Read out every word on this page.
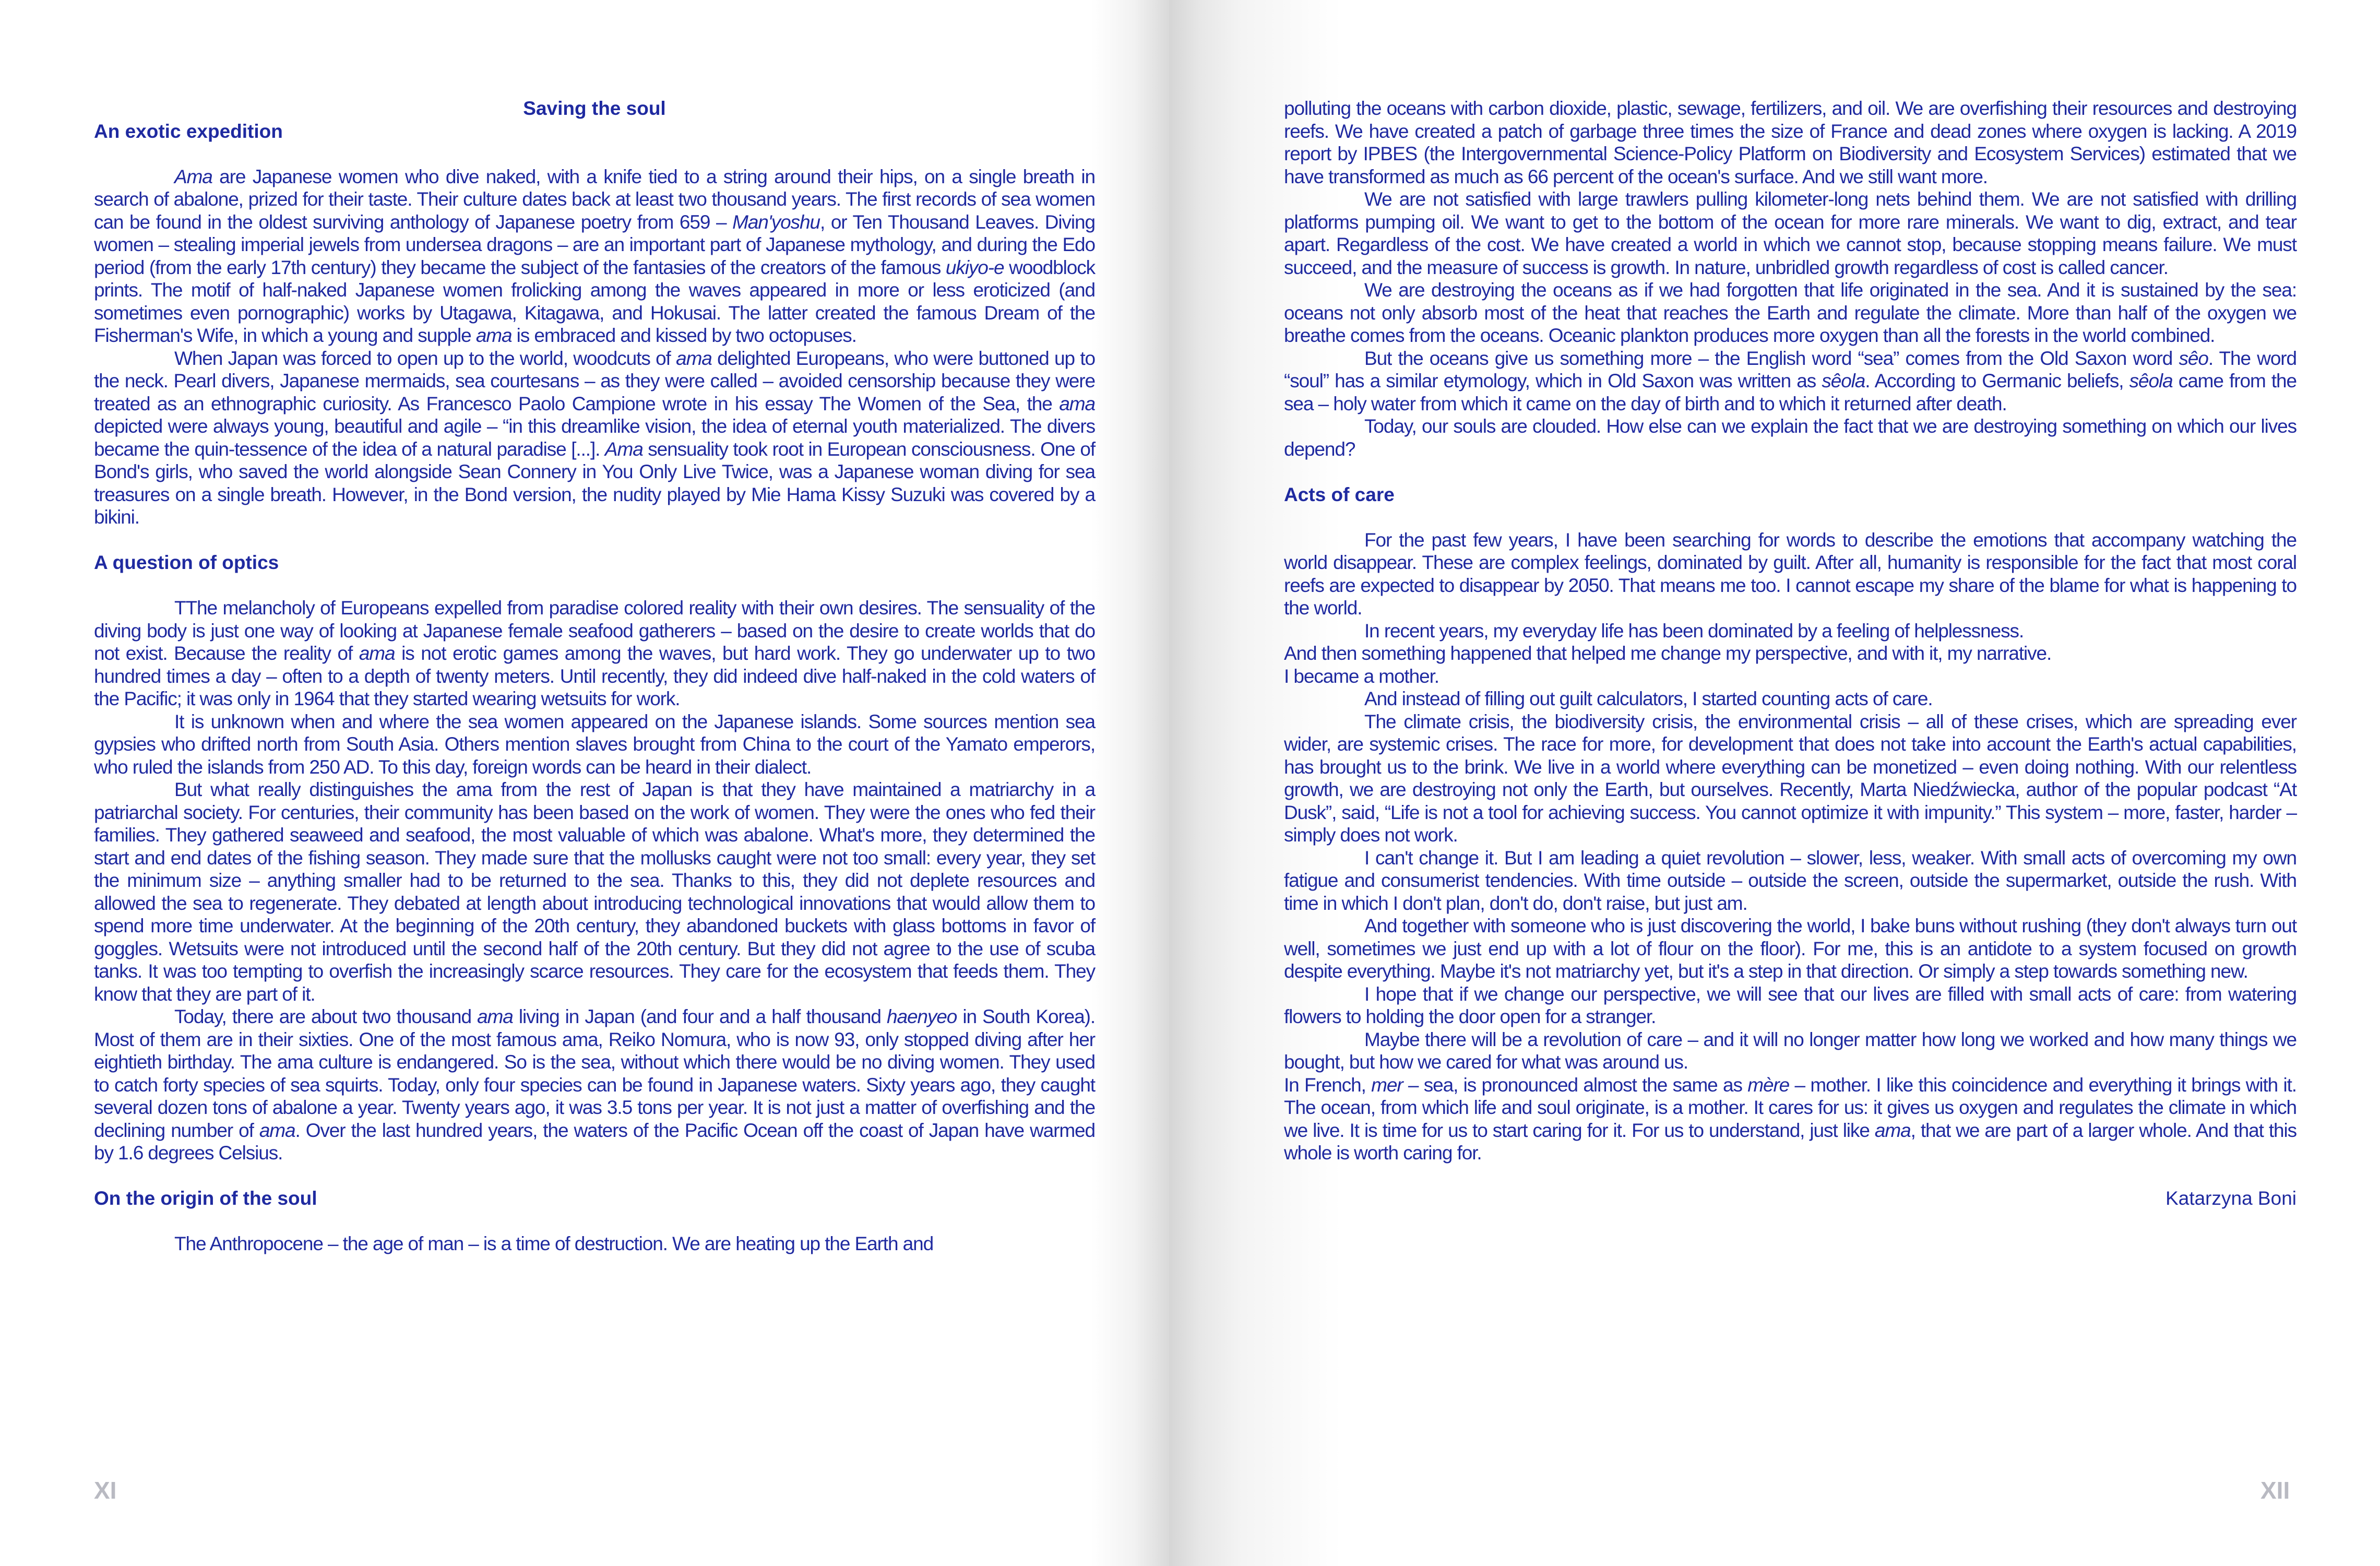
Saving the soul

An exotic expedition

Ama are Japanese women who dive naked, with a knife tied to a string around their hips, on a single breath in search of abalone, prized for their taste. Their culture dates back at least two thousand years. The first records of sea women can be found in the oldest surviving anthology of Japanese poetry from 659 – Man'yoshu, or Ten Thousand Leaves. Diving women – stealing imperial jewels from undersea dragons – are an important part of Japanese mythology, and during the Edo period (from the early 17th century) they became the subject of the fantasies of the creators of the famous ukiyo-e woodblock prints. The motif of half-naked Japanese women frolicking among the waves appeared in more or less eroticized (and sometimes even pornographic) works by Utagawa, Kitagawa, and Hokusai. The latter created the famous Dream of the Fisherman's Wife, in which a young and supple ama is embraced and kissed by two octopuses.

When Japan was forced to open up to the world, woodcuts of ama delighted Europeans, who were buttoned up to the neck. Pearl divers, Japanese mermaids, sea courtesans – as they were called – avoided censorship because they were treated as an ethnographic curiosity. As Francesco Paolo Campione wrote in his essay The Women of the Sea, the ama depicted were always young, beautiful and agile – “in this dreamlike vision, the idea of eternal youth materialized. The divers became the quin-tessence of the idea of a natural paradise [...]. Ama sensuality took root in European consciousness. One of Bond's girls, who saved the world alongside Sean Connery in You Only Live Twice, was a Japanese woman diving for sea treasures on a single breath. However, in the Bond version, the nudity played by Mie Hama Kissy Suzuki was covered by a bikini.

A question of optics

TThe melancholy of Europeans expelled from paradise colored reality with their own desires. The sensuality of the diving body is just one way of looking at Japanese female seafood gatherers – based on the desire to create worlds that do not exist. Because the reality of ama is not erotic games among the waves, but hard work. They go underwater up to two hundred times a day – often to a depth of twenty meters. Until recently, they did indeed dive half-naked in the cold waters of the Pacific; it was only in 1964 that they started wearing wetsuits for work.

It is unknown when and where the sea women appeared on the Japanese islands. Some sources mention sea gypsies who drifted north from South Asia. Others mention slaves brought from China to the court of the Yamato emperors, who ruled the islands from 250 AD. To this day, foreign words can be heard in their dialect.

But what really distinguishes the ama from the rest of Japan is that they have maintained a matriarchy in a patriarchal society. For centuries, their community has been based on the work of women. They were the ones who fed their families. They gathered seaweed and seafood, the most valuable of which was abalone. What's more, they determined the start and end dates of the fishing season. They made sure that the mollusks caught were not too small: every year, they set the minimum size – anything smaller had to be returned to the sea. Thanks to this, they did not deplete resources and allowed the sea to regenerate. They debated at length about introducing technological innovations that would allow them to spend more time underwater. At the beginning of the 20th century, they abandoned buckets with glass bottoms in favor of goggles. Wetsuits were not introduced until the second half of the 20th century. But they did not agree to the use of scuba tanks. It was too tempting to overfish the increasingly scarce resources. They care for the ecosystem that feeds them. They know that they are part of it.

Today, there are about two thousand ama living in Japan (and four and a half thousand haenyeo in South Korea). Most of them are in their sixties. One of the most famous ama, Reiko Nomura, who is now 93, only stopped diving after her eightieth birthday. The ama culture is endangered. So is the sea, without which there would be no diving women. They used to catch forty species of sea squirts. Today, only four species can be found in Japanese waters. Sixty years ago, they caught several dozen tons of abalone a year. Twenty years ago, it was 3.5 tons per year. It is not just a matter of overfishing and the declining number of ama. Over the last hundred years, the waters of the Pacific Ocean off the coast of Japan have warmed by 1.6 degrees Celsius.

On the origin of the soul

The Anthropocene – the age of man – is a time of destruction. We are heating up the Earth and

XI

polluting the oceans with carbon dioxide, plastic, sewage, fertilizers, and oil. We are overfishing their resources and destroying reefs. We have created a patch of garbage three times the size of France and dead zones where oxygen is lacking. A 2019 report by IPBES (the Intergovernmental Science-Policy Platform on Biodiversity and Ecosystem Services) estimated that we have transformed as much as 66 percent of the ocean's surface. And we still want more.

We are not satisfied with large trawlers pulling kilometer-long nets behind them. We are not satisfied with drilling platforms pumping oil. We want to get to the bottom of the ocean for more rare minerals. We want to dig, extract, and tear apart. Regardless of the cost. We have created a world in which we cannot stop, because stopping means failure. We must succeed, and the measure of success is growth. In nature, unbridled growth regardless of cost is called cancer.

We are destroying the oceans as if we had forgotten that life originated in the sea. And it is sustained by the sea: oceans not only absorb most of the heat that reaches the Earth and regulate the climate. More than half of the oxygen we breathe comes from the oceans. Oceanic plankton produces more oxygen than all the forests in the world combined.

But the oceans give us something more – the English word “sea” comes from the Old Saxon word sêo. The word “soul” has a similar etymology, which in Old Saxon was written as sêola. According to Germanic beliefs, sêola came from the sea – holy water from which it came on the day of birth and to which it returned after death.

Today, our souls are clouded. How else can we explain the fact that we are destroying something on which our lives depend?

Acts of care

For the past few years, I have been searching for words to describe the emotions that accompany watching the world disappear. These are complex feelings, dominated by guilt. After all, humanity is responsible for the fact that most coral reefs are expected to disappear by 2050. That means me too. I cannot escape my share of the blame for what is happening to the world.

In recent years, my everyday life has been dominated by a feeling of helplessness.

And then something happened that helped me change my perspective, and with it, my narrative.

I became a mother.

And instead of filling out guilt calculators, I started counting acts of care.

The climate crisis, the biodiversity crisis, the environmental crisis – all of these crises, which are spreading ever wider, are systemic crises. The race for more, for development that does not take into account the Earth's actual capabilities, has brought us to the brink. We live in a world where everything can be monetized – even doing nothing. With our relentless growth, we are destroying not only the Earth, but ourselves. Recently, Marta Niedźwiecka, author of the popular podcast “At Dusk”, said, “Life is not a tool for achieving success. You cannot optimize it with impunity.” This system – more, faster, harder – simply does not work.

I can't change it. But I am leading a quiet revolution – slower, less, weaker. With small acts of overcoming my own fatigue and consumerist tendencies. With time outside – outside the screen, outside the supermarket, outside the rush. With time in which I don't plan, don't do, don't raise, but just am.

And together with someone who is just discovering the world, I bake buns without rushing (they don't always turn out well, sometimes we just end up with a lot of flour on the floor). For me, this is an antidote to a system focused on growth despite everything. Maybe it's not matriarchy yet, but it's a step in that direction. Or simply a step towards something new.

I hope that if we change our perspective, we will see that our lives are filled with small acts of care: from watering flowers to holding the door open for a stranger.

Maybe there will be a revolution of care – and it will no longer matter how long we worked and how many things we bought, but how we cared for what was around us.

In French, mer – sea, is pronounced almost the same as mère – mother. I like this coincidence and everything it brings with it. The ocean, from which life and soul originate, is a mother. It cares for us: it gives us oxygen and regulates the climate in which we live. It is time for us to start caring for it. For us to understand, just like ama, that we are part of a larger whole. And that this whole is worth caring for.

Katarzyna Boni

XII
